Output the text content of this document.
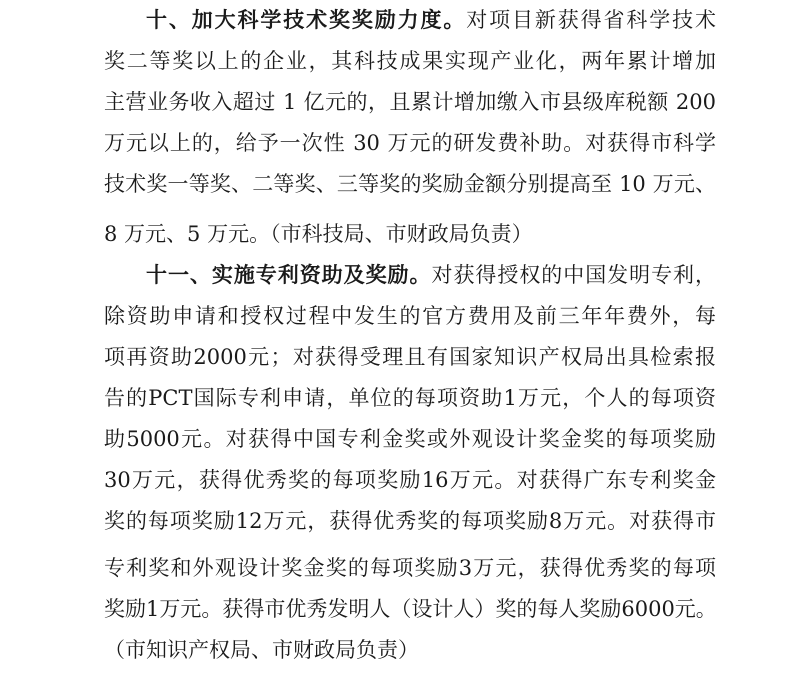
十、加大科学技术奖奖励力度。对项目新获得省科学技术
奖二等奖以上的企业，其科技成果实现产业化，两年累计增加
主营业务收入超过 1 亿元的，且累计增加缴入市县级库税额 200
万元以上的，给予一次性 30 万元的研发费补助。对获得市科学
技术奖一等奖、二等奖、三等奖的奖励金额分别提高至 10 万元、
8 万元、5 万元。（市科技局、市财政局负责）
十一、实施专利资助及奖励。对获得授权的中国发明专利，
除资助申请和授权过程中发生的官方费用及前三年年费外，每
项再资助2000元；对获得受理且有国家知识产权局出具检索报
告的PCT国际专利申请，单位的每项资助1万元，个人的每项资
助5000元。对获得中国专利金奖或外观设计奖金奖的每项奖励
30万元，获得优秀奖的每项奖励16万元。对获得广东专利奖金
奖的每项奖励12万元，获得优秀奖的每项奖励8万元。对获得市
专利奖和外观设计奖金奖的每项奖励3万元，获得优秀奖的每项
奖励1万元。获得市优秀发明人（设计人）奖的每人奖励6000元。
（市知识产权局、市财政局负责）
